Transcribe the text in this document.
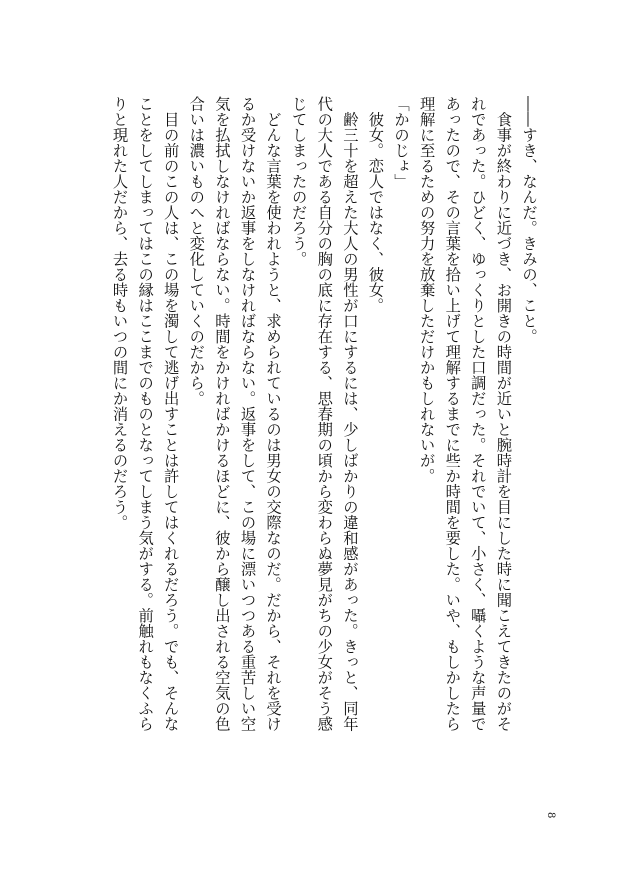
――すき、なんだ。きみの、こと。
　食事が終わりに近づき、お開きの時間が近いと腕時計を目にした時に聞こえてきたのがそ
れであった。ひどく、ゆっくりとした口調だった。それでいて、小さく、囁くような声量で
あったので、その言葉を拾い上げて理解するまでに些か時間を要した。いや、もしかしたら
理解に至るための努力を放棄しただけかもしれないが。
「かのじょ」
　彼女。恋人ではなく、彼女。
　齢三十を超えた大人の男性が口にするには、少しばかりの違和感があった。きっと、同年
代の大人である自分の胸の底に存在する、思春期の頃から変わらぬ夢見がちの少女がそう感
じてしまったのだろう。
　どんな言葉を使われようと、求められているのは男女の交際なのだ。だから、それを受け
るか受けないか返事をしなければならない。返事をして、この場に漂いつつある重苦しい空
気を払拭しなければならない。時間をかければかけるほどに、彼から醸し出される空気の色
合いは濃いものへと変化していくのだから。
　目の前のこの人は、この場を濁して逃げ出すことは許してはくれるだろう。でも、そんな
ことをしてしまってはこの縁はここまでのものとなってしまう気がする。前触れもなくふら
りと現れた人だから、去る時もいつの間にか消えるのだろう。
8
